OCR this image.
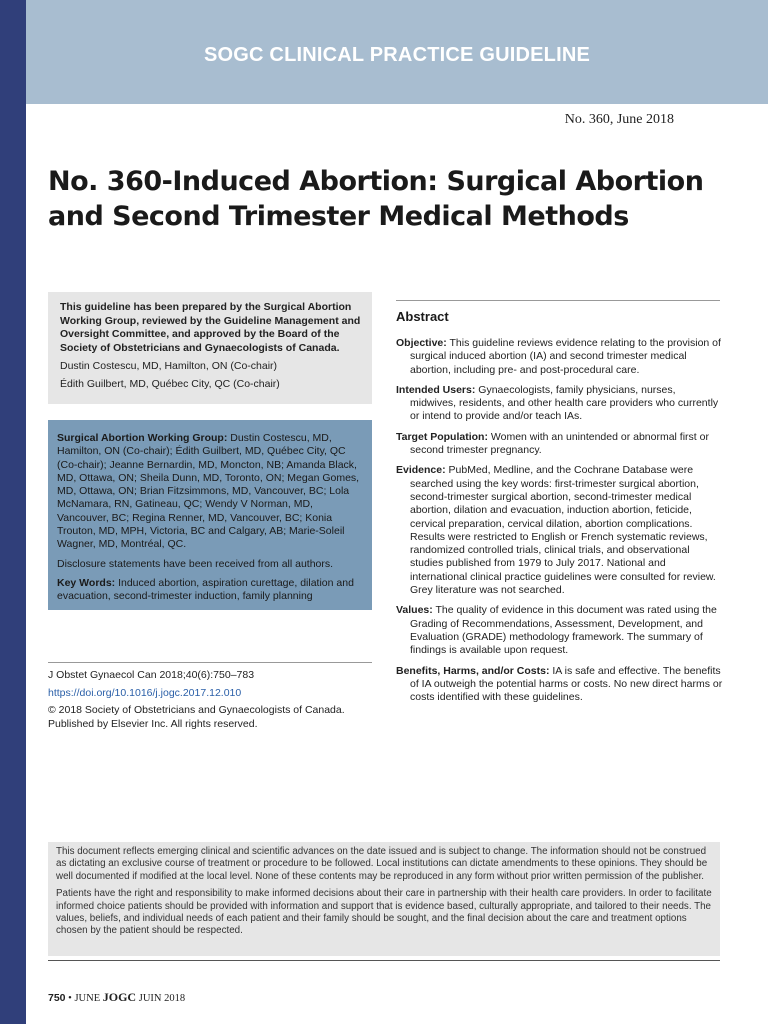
SOGC CLINICAL PRACTICE GUIDELINE
No. 360, June 2018
No. 360-Induced Abortion: Surgical Abortion
and Second Trimester Medical Methods

This guideline has been prepared by the Surgical Abortion Working Group, reviewed by the Guideline Management and Oversight Committee, and approved by the Board of the Society of Obstetricians and Gynaecologists of Canada.

Dustin Costescu, MD, Hamilton, ON (Co-chair)

Édith Guilbert, MD, Québec City, QC (Co-chair)

Surgical Abortion Working Group: Dustin Costescu, MD, Hamilton, ON (Co-chair); Édith Guilbert, MD, Québec City, QC (Co-chair); Jeanne Bernardin, MD, Moncton, NB; Amanda Black, MD, Ottawa, ON; Sheila Dunn, MD, Toronto, ON; Megan Gomes, MD, Ottawa, ON; Brian Fitzsimmons, MD, Vancouver, BC; Lola McNamara, RN, Gatineau, QC; Wendy V Norman, MD, Vancouver, BC; Regina Renner, MD, Vancouver, BC; Konia Trouton, MD, MPH, Victoria, BC and Calgary, AB; Marie-Soleil Wagner, MD, Montréal, QC.

Disclosure statements have been received from all authors.

Key Words: Induced abortion, aspiration curettage, dilation and evacuation, second-trimester induction, family planning

J Obstet Gynaecol Can 2018;40(6):750–783

https://doi.org/10.1016/j.jogc.2017.12.010

© 2018 Society of Obstetricians and Gynaecologists of Canada. Published by Elsevier Inc. All rights reserved.

Abstract

Objective: This guideline reviews evidence relating to the provision of surgical induced abortion (IA) and second trimester medical abortion, including pre- and post-procedural care.

Intended Users: Gynaecologists, family physicians, nurses, midwives, residents, and other health care providers who currently or intend to provide and/or teach IAs.

Target Population: Women with an unintended or abnormal first or second trimester pregnancy.

Evidence: PubMed, Medline, and the Cochrane Database were searched using the key words: first-trimester surgical abortion, second-trimester surgical abortion, second-trimester medical abortion, dilation and evacuation, induction abortion, feticide, cervical preparation, cervical dilation, abortion complications. Results were restricted to English or French systematic reviews, randomized controlled trials, clinical trials, and observational studies published from 1979 to July 2017. National and international clinical practice guidelines were consulted for review. Grey literature was not searched.

Values: The quality of evidence in this document was rated using the Grading of Recommendations, Assessment, Development, and Evaluation (GRADE) methodology framework. The summary of findings is available upon request.

Benefits, Harms, and/or Costs: IA is safe and effective. The benefits of IA outweigh the potential harms or costs. No new direct harms or costs identified with these guidelines.

This document reflects emerging clinical and scientific advances on the date issued and is subject to change. The information should not be construed as dictating an exclusive course of treatment or procedure to be followed. Local institutions can dictate amendments to these opinions. They should be well documented if modified at the local level. None of these contents may be reproduced in any form without prior written permission of the publisher.

Patients have the right and responsibility to make informed decisions about their care in partnership with their health care providers. In order to facilitate informed choice patients should be provided with information and support that is evidence based, culturally appropriate, and tailored to their needs. The values, beliefs, and individual needs of each patient and their family should be sought, and the final decision about the care and treatment options chosen by the patient should be respected.

750 • JUNE JOGC JUIN 2018
